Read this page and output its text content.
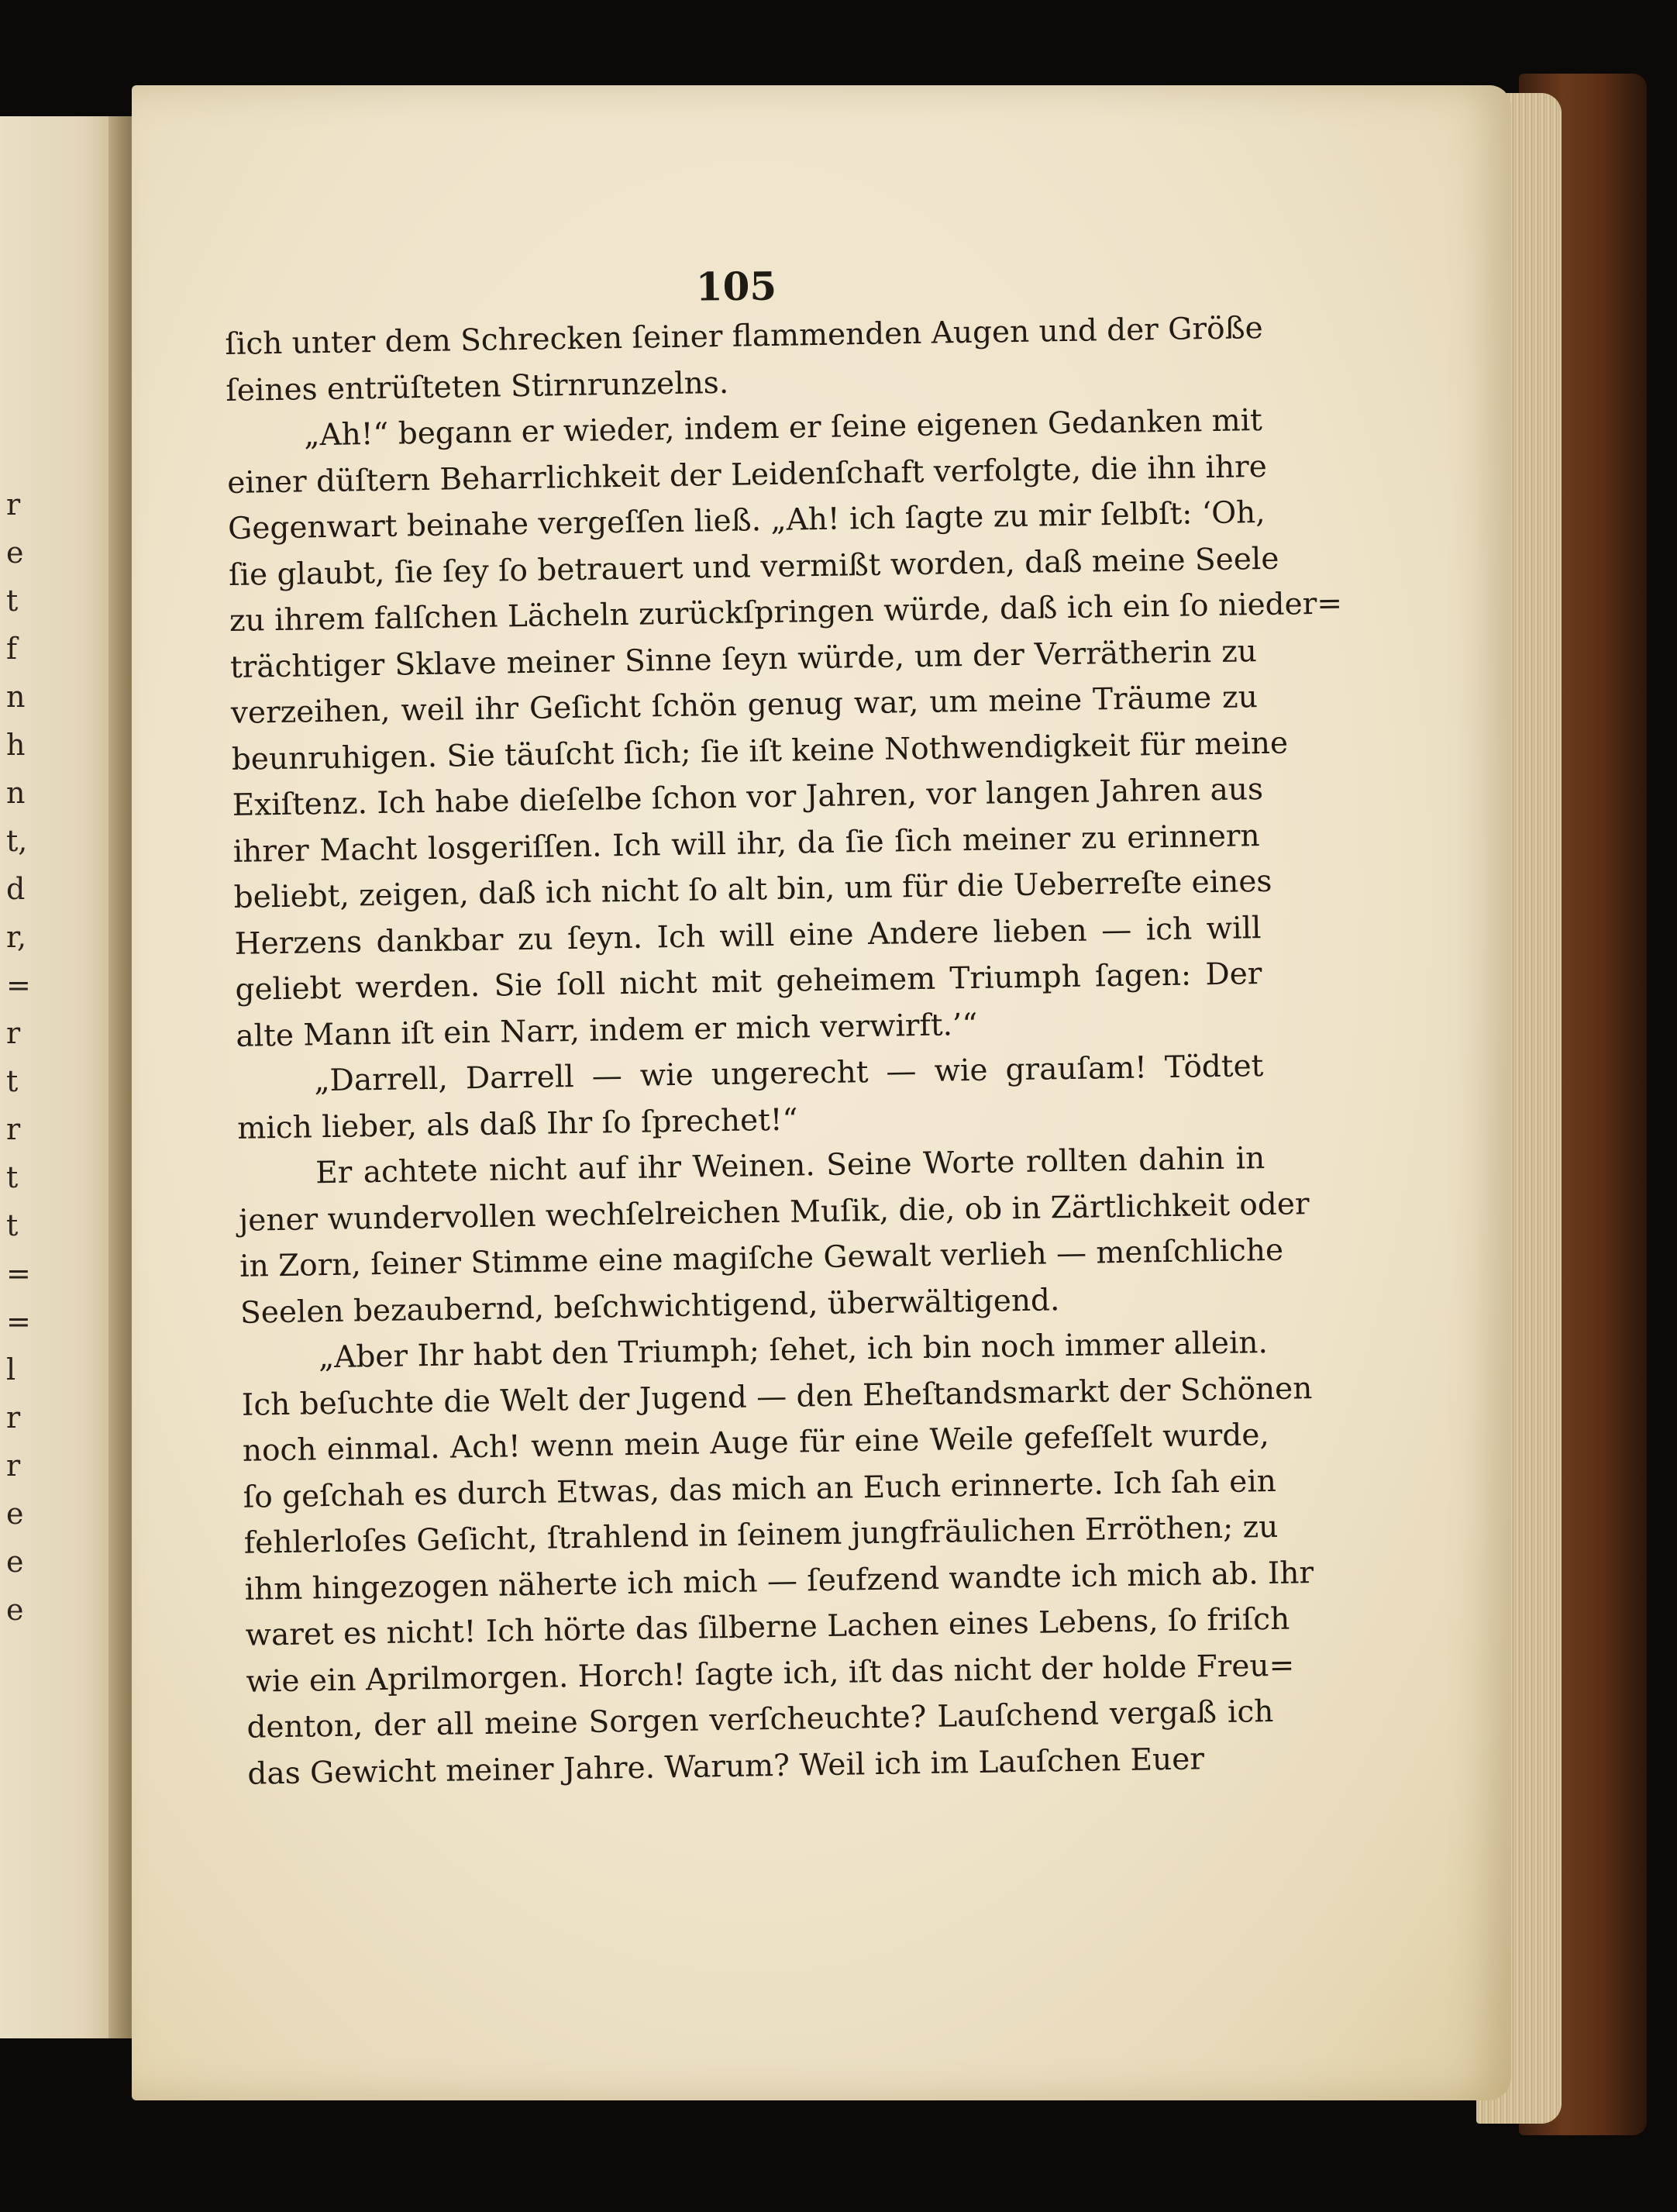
r
e
t
f
n
h
n
t,
d
r,
=
r
t
r
t
t
=
=
l
r
r
e
e
e
105
ſich unter dem Schrecken ſeiner flammenden Augen und der Größe
ſeines entrüſteten Stirnrunzelns.
„Ah!“ begann er wieder, indem er ſeine eigenen Gedanken mit
einer düſtern Beharrlichkeit der Leidenſchaft verfolgte, die ihn ihre
Gegenwart beinahe vergeſſen ließ. „Ah! ich ſagte zu mir ſelbſt: ‘Oh,
ſie glaubt, ſie ſey ſo betrauert und vermißt worden, daß meine Seele
zu ihrem falſchen Lächeln zurückſpringen würde, daß ich ein ſo nieder=
trächtiger Sklave meiner Sinne ſeyn würde, um der Verrätherin zu
verzeihen, weil ihr Geſicht ſchön genug war, um meine Träume zu
beunruhigen. Sie täuſcht ſich; ſie iſt keine Nothwendigkeit für meine
Exiſtenz. Ich habe dieſelbe ſchon vor Jahren, vor langen Jahren aus
ihrer Macht losgeriſſen. Ich will ihr, da ſie ſich meiner zu erinnern
beliebt, zeigen, daß ich nicht ſo alt bin, um für die Ueberreſte eines
Herzens dankbar zu ſeyn. Ich will eine Andere lieben — ich will
geliebt werden. Sie ſoll nicht mit geheimem Triumph ſagen: Der
alte Mann iſt ein Narr, indem er mich verwirft.’“
„Darrell, Darrell — wie ungerecht — wie grauſam! Tödtet
mich lieber, als daß Ihr ſo ſprechet!“
Er achtete nicht auf ihr Weinen. Seine Worte rollten dahin in
jener wundervollen wechſelreichen Muſik, die, ob in Zärtlichkeit oder
in Zorn, ſeiner Stimme eine magiſche Gewalt verlieh — menſchliche
Seelen bezaubernd, beſchwichtigend, überwältigend.
„Aber Ihr habt den Triumph; ſehet, ich bin noch immer allein.
Ich beſuchte die Welt der Jugend — den Eheſtandsmarkt der Schönen
noch einmal. Ach! wenn mein Auge für eine Weile gefeſſelt wurde,
ſo geſchah es durch Etwas, das mich an Euch erinnerte. Ich ſah ein
fehlerloſes Geſicht, ſtrahlend in ſeinem jungfräulichen Erröthen; zu
ihm hingezogen näherte ich mich — ſeufzend wandte ich mich ab. Ihr
waret es nicht! Ich hörte das ſilberne Lachen eines Lebens, ſo friſch
wie ein Aprilmorgen. Horch! ſagte ich, iſt das nicht der holde Freu=
denton, der all meine Sorgen verſcheuchte? Lauſchend vergaß ich
das Gewicht meiner Jahre. Warum? Weil ich im Lauſchen Euer
